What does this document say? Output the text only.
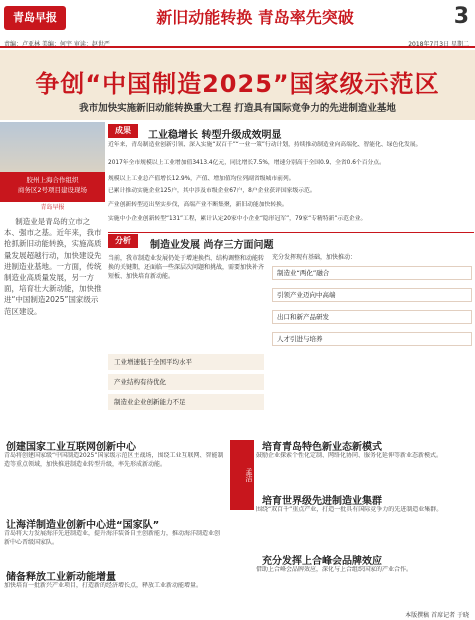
青岛早报	新旧动能转换 青岛率先突破	3
责编：卢亚林 美编：何宇 审读：赵世严	2018年7月3日 星期二
争创“中国制造2025”国家级示范区
我市加快实施新旧动能转换重大工程 打造具有国际竞争力的先进制造业基地
胶州上海合作组织
商务区2号项目建设现场
青岛早报
制造业是青岛的立市之本、强市之基。近年来，我市抢抓新旧动能转换，实施高质量发展超越行动，加快建设先进制造业基地。一方面，传统制造业高质量发展，另一方面，培育壮大新动能，加快推进“中国制造2025”国家级示范区建设。
成果	工业稳增长 转型升级成效明显
近年来，青岛制造业创新引领、深入实施“双百千”“一业一策”行动计划，持续推动制造业向高端化、智能化、绿色化发展。
2017年全市规模以上工业增加值3413.4亿元，同比增长7.5%，增速分别高于全国0.9、全省0.6个百分点。
规模以上工业总产值增长12.9%，产值、增加值均位列副省级城市前列。
已累计推动实施企业125户，其中涉及市级企业67户，8户企业获评国家级示范。
产业创新转型迈出坚实步伐，高端产业不断集聚，新旧动能加快转换。
实施中小企业创新转型“131”工程，累计认定20家中小企业“隐形冠军”，79家“专精特新”示范企业。
分析	制造业发展 尚存三方面问题
当前，我市制造业发展仍处于增速换挡、结构调整和动能转换的关键期，还面临一些深层次问题和挑战，需要加快补齐短板、加快培育新动能。
工业增速低于全国平均水平
产业结构有待优化
制造业企业创新能力不足
充分发挥现有基础，加快推动：
制造业“两化”融合
引领产业迈向中高端
出口和新产品研发
人才引进与培养
创建国家工业互联网创新中心
青岛将创建国家级“中国制造2025”国家级示范区主战场，围绕工业互联网、智能制造等重点领域，加快推进制造业转型升级，率先形成新动能。
让海洋制造业创新中心进“国家队”
青岛将大力发展海洋先进制造业，提升海洋装备自主创新能力，推动海洋制造业创新中心晋级国家队。
储备释放工业新动能增量
加快培育一批新兴产业项目，打造新的经济增长点，释放工业新动能增量。
培育青岛特色新业态新模式
鼓励企业探索个性化定制、网络化协同、服务化延伸等新业态新模式。
培育世界级先进制造业集群
围绕“双百千”重点产业，打造一批具有国际竞争力的先进制造业集群。
充分发挥上合峰会品牌效应
借助上合峰会品牌效应，深化与上合组织国家的产业合作。
孟洁
本版撰稿 首席记者 于晓
